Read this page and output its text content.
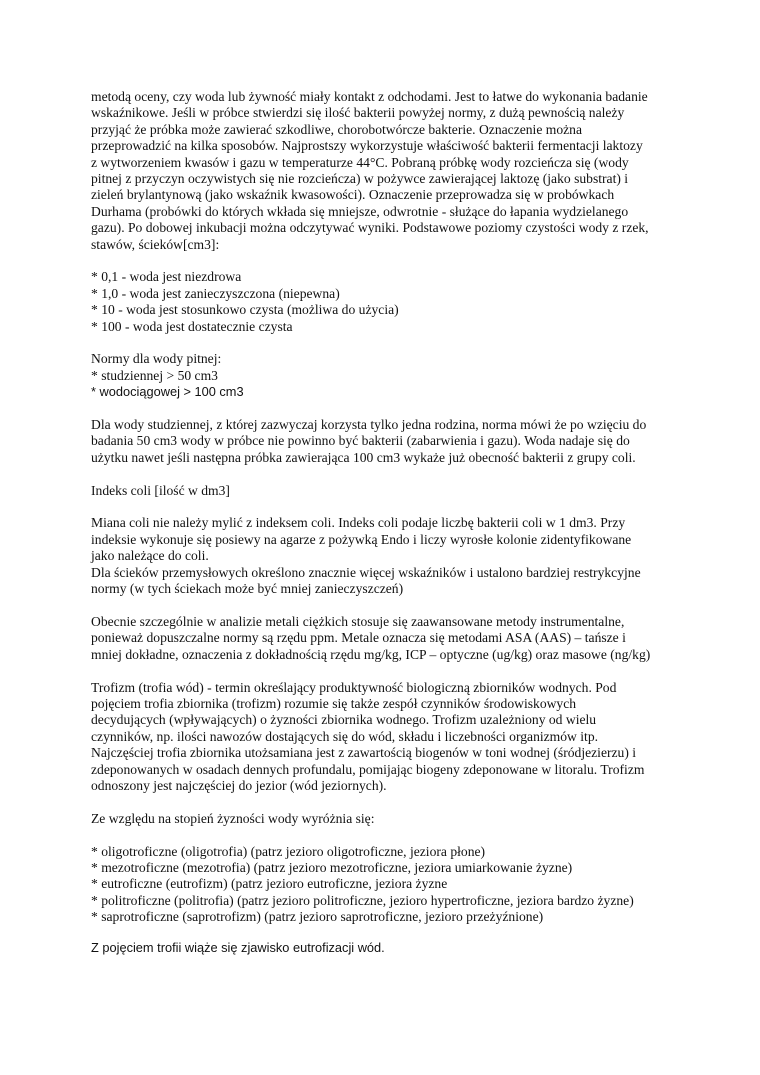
metodą oceny, czy woda lub żywność miały kontakt z odchodami. Jest to łatwe do wykonania badanie
wskaźnikowe. Jeśli w próbce stwierdzi się ilość bakterii powyżej normy, z dużą pewnością należy
przyjąć że próbka może zawierać szkodliwe, chorobotwórcze bakterie. Oznaczenie można
przeprowadzić na kilka sposobów. Najprostszy wykorzystuje właściwość bakterii fermentacji laktozy
z wytworzeniem kwasów i gazu w temperaturze 44°C. Pobraną próbkę wody rozcieńcza się (wody
pitnej z przyczyn oczywistych się nie rozcieńcza) w pożywce zawierającej laktozę (jako substrat) i
zieleń brylantynową (jako wskaźnik kwasowości). Oznaczenie przeprowadza się w probówkach
Durhama (probówki do których wkłada się mniejsze, odwrotnie - służące do łapania wydzielanego
gazu). Po dobowej inkubacji można odczytywać wyniki. Podstawowe poziomy czystości wody z rzek,
stawów, ścieków[cm3]:

* 0,1 - woda jest niezdrowa
* 1,0 - woda jest zanieczyszczona (niepewna)
* 10 - woda jest stosunkowo czysta (możliwa do użycia)
* 100 - woda jest dostatecznie czysta

Normy dla wody pitnej:
* studziennej > 50 cm3
* wodociągowej > 100 cm3

Dla wody studziennej, z której zazwyczaj korzysta tylko jedna rodzina, norma mówi że po wzięciu do
badania 50 cm3 wody w próbce nie powinno być bakterii (zabarwienia i gazu). Woda nadaje się do
użytku nawet jeśli następna próbka zawierająca 100 cm3 wykaże już obecność bakterii z grupy coli.

Indeks coli [ilość w dm3]

Miana coli nie należy mylić z indeksem coli. Indeks coli podaje liczbę bakterii coli w 1 dm3. Przy
indeksie wykonuje się posiewy na agarze z pożywką Endo i liczy wyrosłe kolonie zidentyfikowane
jako należące do coli.
Dla ścieków przemysłowych określono znacznie więcej wskaźników i ustalono bardziej restrykcyjne
normy (w tych ściekach może być mniej zanieczyszczeń)

Obecnie szczególnie w analizie metali ciężkich stosuje się zaawansowane metody instrumentalne,
ponieważ dopuszczalne normy są rzędu ppm. Metale oznacza się metodami ASA (AAS) – tańsze i
mniej dokładne, oznaczenia z dokładnością rzędu mg/kg, ICP – optyczne (ug/kg) oraz masowe (ng/kg)

Trofizm (trofia wód) - termin określający produktywność biologiczną zbiorników wodnych. Pod
pojęciem trofia zbiornika (trofizm) rozumie się także zespół czynników środowiskowych
decydujących (wpływających) o żyzności zbiornika wodnego. Trofizm uzależniony od wielu
czynników, np. ilości nawozów dostających się do wód, składu i liczebności organizmów itp.
Najczęściej trofia zbiornika utożsamiana jest z zawartością biogenów w toni wodnej (śródjezierzu) i
zdeponowanych w osadach dennych profundalu, pomijając biogeny zdeponowane w litoralu. Trofizm
odnoszony jest najczęściej do jezior (wód jeziornych).

Ze względu na stopień żyzności wody wyróżnia się:

* oligotroficzne (oligotrofia) (patrz jezioro oligotroficzne, jeziora płone)
* mezotroficzne (mezotrofia) (patrz jezioro mezotroficzne, jeziora umiarkowanie żyzne)
* eutroficzne (eutrofizm) (patrz jezioro eutroficzne, jeziora żyzne
* politroficzne (politrofia) (patrz jezioro politroficzne, jezioro hypertroficzne, jeziora bardzo żyzne)
* saprotroficzne (saprotrofizm) (patrz jezioro saprotroficzne, jezioro przeżyźnione)

Z pojęciem trofii wiąże się zjawisko eutrofizacji wód.
